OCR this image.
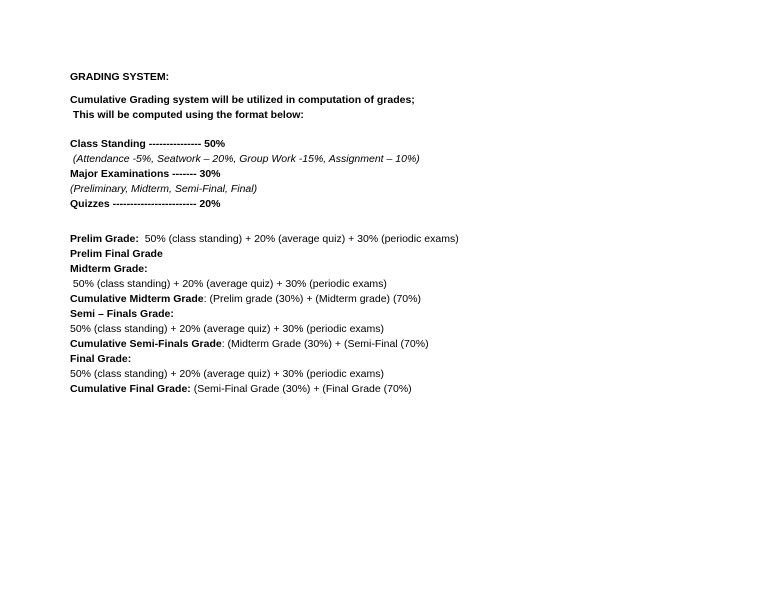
GRADING SYSTEM:
Cumulative Grading system will be utilized in computation of grades;
This will be computed using the format below:
Class Standing --------------- 50%
(Attendance -5%, Seatwork – 20%, Group Work -15%, Assignment – 10%)
Major Examinations ------- 30%
(Preliminary, Midterm, Semi-Final, Final)
Quizzes ------------------------ 20%
Prelim Grade:  50% (class standing) + 20% (average quiz) + 30% (periodic exams)
Prelim Final Grade
Midterm Grade:
50% (class standing) + 20% (average quiz) + 30% (periodic exams)
Cumulative Midterm Grade: (Prelim grade (30%) + (Midterm grade) (70%)
Semi – Finals Grade:
50% (class standing) + 20% (average quiz) + 30% (periodic exams)
Cumulative Semi-Finals Grade: (Midterm Grade (30%) + (Semi-Final (70%)
Final Grade:
50% (class standing) + 20% (average quiz) + 30% (periodic exams)
Cumulative Final Grade: (Semi-Final Grade (30%) + (Final Grade (70%)
